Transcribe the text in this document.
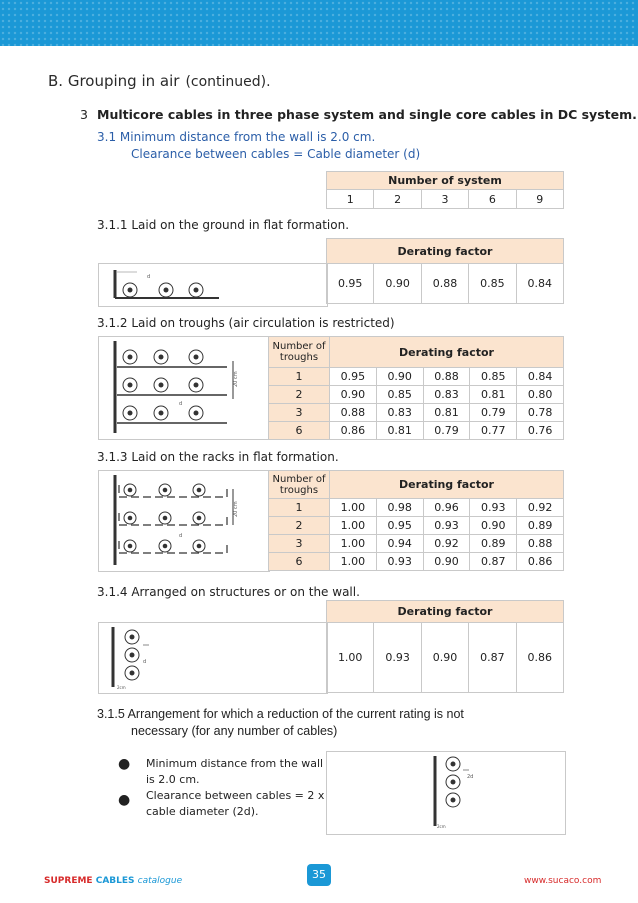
B. Grouping in air (continued).
3 Multicore cables in three phase system and single core cables in DC system.
3.1 Minimum distance from the wall is 2.0 cm.
Clearance between cables = Cable diameter (d)
Number of system
1	2	3	6	9
3.1.1 Laid on the ground in flat formation.
d
Derating factor
0.95	0.90	0.88	0.85	0.84
3.1.2 Laid on troughs (air circulation is restricted)
d
20 cm
Number of troughs	Derating factor				
1	0.95	0.90	0.88	0.85	0.84
2	0.90	0.85	0.83	0.81	0.80
3	0.88	0.83	0.81	0.79	0.78
6	0.86	0.81	0.79	0.77	0.76
3.1.3 Laid on the racks in flat formation.
d
20 cm
Number of troughs	Derating factor				
1	1.00	0.98	0.96	0.93	0.92
2	1.00	0.95	0.93	0.90	0.89
3	1.00	0.94	0.92	0.89	0.88
6	1.00	0.93	0.90	0.87	0.86
3.1.4 Arranged on structures or on the wall.
d
2cm
Derating factor
1.00	0.93	0.90	0.87	0.86
3.1.5 Arrangement for which a reduction of the current rating is not
necessary (for any number of cables)
● Minimum distance from the wall
is 2.0 cm.
● Clearance between cables = 2 x
cable diameter (2d).
2d
2cm
SUPREME CABLES catalogue	35	www.sucaco.com
